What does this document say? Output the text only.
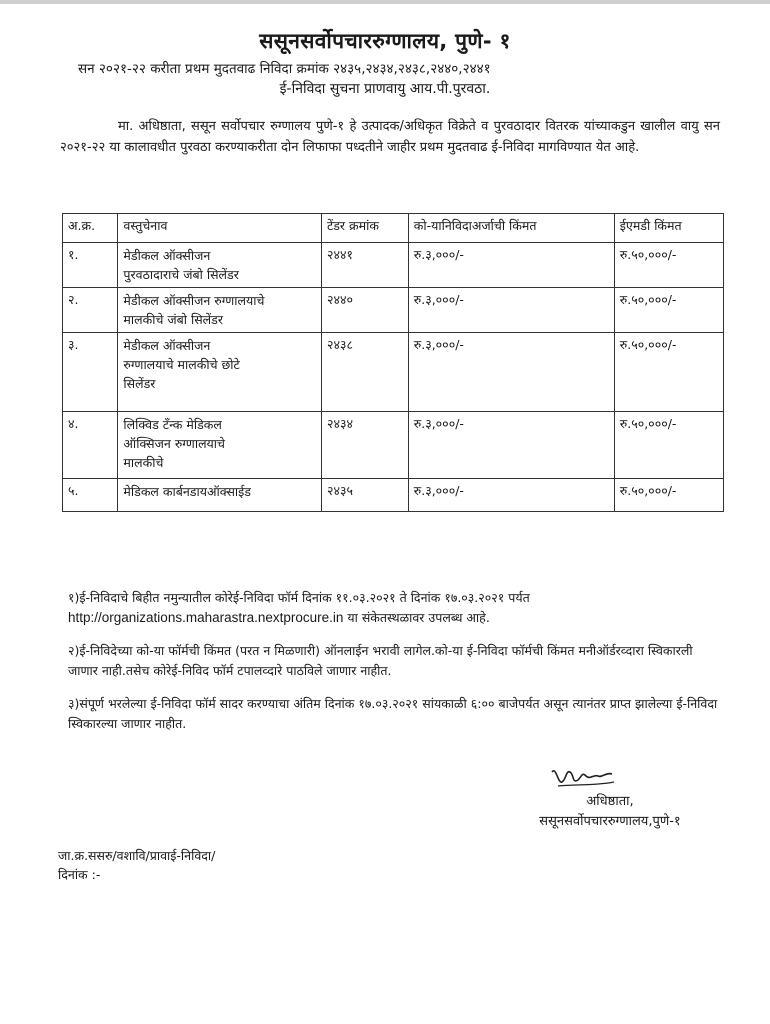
ससूनसर्वोपचाररुग्णालय, पुणे- १
सन २०२१-२२ करीता प्रथम मुदतवाढ निविदा क्रमांक २४३५,२४३४,२४३८,२४४०,२४४१
ई-निविदा सुचना प्राणवायु आय.पी.पुरवठा.

मा. अधिष्ठाता, ससून सर्वोपचार रुग्णालय पुणे-१ हे उत्पादक/अधिकृत विक्रेते व पुरवठादार वितरक यांच्याकडुन खालील वायु सन २०२१-२२ या कालावधीत पुरवठा करण्याकरीता दोन लिफाफा पध्दतीने जाहीर प्रथम मुदतवाढ ई-निविदा मागविण्यात येत आहे.

अ.क्र.	वस्तुचेनाव	टेंडर क्रमांक	को-यानिविदाअर्जाची किंमत	ईएमडी किंमत
१.	मेडीकल ऑक्सीजन
पुरवठादाराचे जंबो सिलेंडर	२४४१	रु.३,०००/-	रु.५०,०००/-
२.	मेडीकल ऑक्सीजन रुग्णालयाचे
मालकीचे जंबो सिलेंडर	२४४०	रु.३,०००/-	रु.५०,०००/-
३.	मेडीकल ऑक्सीजन
रुग्णालयाचे मालकीचे छोटे
सिलेंडर	२४३८	रु.३,०००/-	रु.५०,०००/-
४.	लिक्विड टँन्क मेडिकल
ऑक्सिजन रुग्णालयाचे
मालकीचे	२४३४	रु.३,०००/-	रु.५०,०००/-
५.	मेडिकल कार्बनडायऑक्साईड	२४३५	रु.३,०००/-	रु.५०,०००/-

१)ई-निविदाचे बिहीत नमुन्यातील कोरेई-निविदा फॉर्म दिनांक ११.०३.२०२१ ते दिनांक १७.०३.२०२१ पर्यत
http://organizations.maharastra.nextprocure.in या संकेतस्थळावर उपलब्ध आहे.

२)ई-निविदेच्या को-या फॉर्मची किंमत (परत न मिळणारी) ऑनलाईन भरावी लागेल.को-या ई-निविदा फॉर्मची किंमत मनीऑर्डरव्दारा स्विकारली जाणार नाही.तसेच कोरेई-निविद फॉर्म टपालव्दारे पाठविले जाणार नाहीत.

३)संपूर्ण भरलेल्या ई-निविदा फॉर्म सादर करण्याचा अंतिम दिनांक १७.०३.२०२१ सांयकाळी ६:०० बाजेपर्यत असून त्यानंतर प्राप्त झालेल्या ई-निविदा स्विकारल्या जाणार नाहीत.

अधिष्ठाता,
ससूनसर्वोपचाररुग्णालय,पुणे-१
जा.क्र.ससरु/वशावि/प्रावाई-निविदा/
दिनांक :-
